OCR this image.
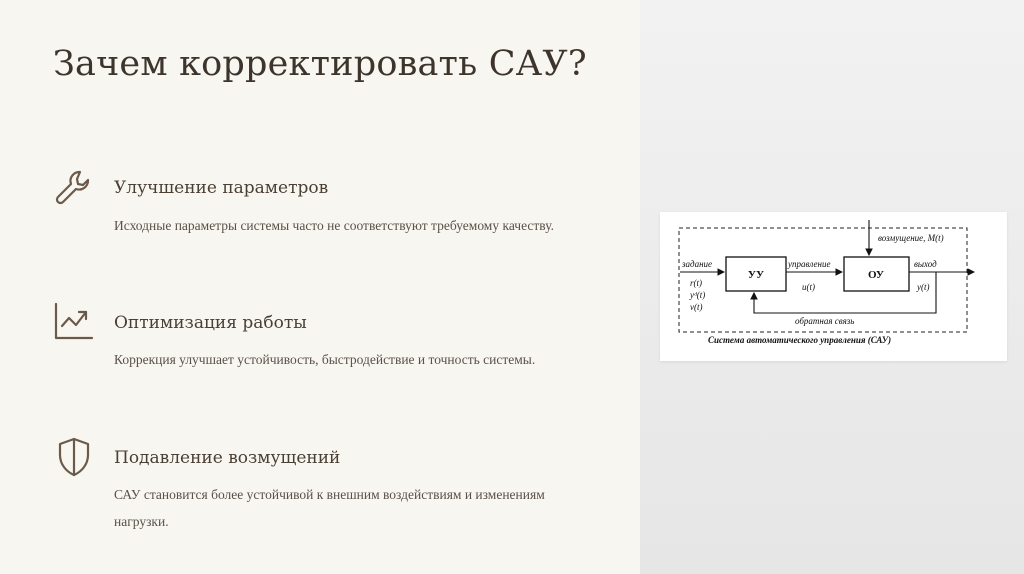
Зачем корректировать САУ?
Улучшение параметров

Исходные параметры системы часто не соответствуют требуемому качеству.

Оптимизация работы

Коррекция улучшает устойчивость, быстродействие и точность системы.

Подавление возмущений

САУ становится более устойчивой к внешним воздействиям и изменениям нагрузки.

УУ	ОУ
задание
r(t)
yᵈ(t)
v(t)
управление
u(t)
возмущение, M(t)
выход
y(t)
обратная связь
Система автоматического управления (САУ)
